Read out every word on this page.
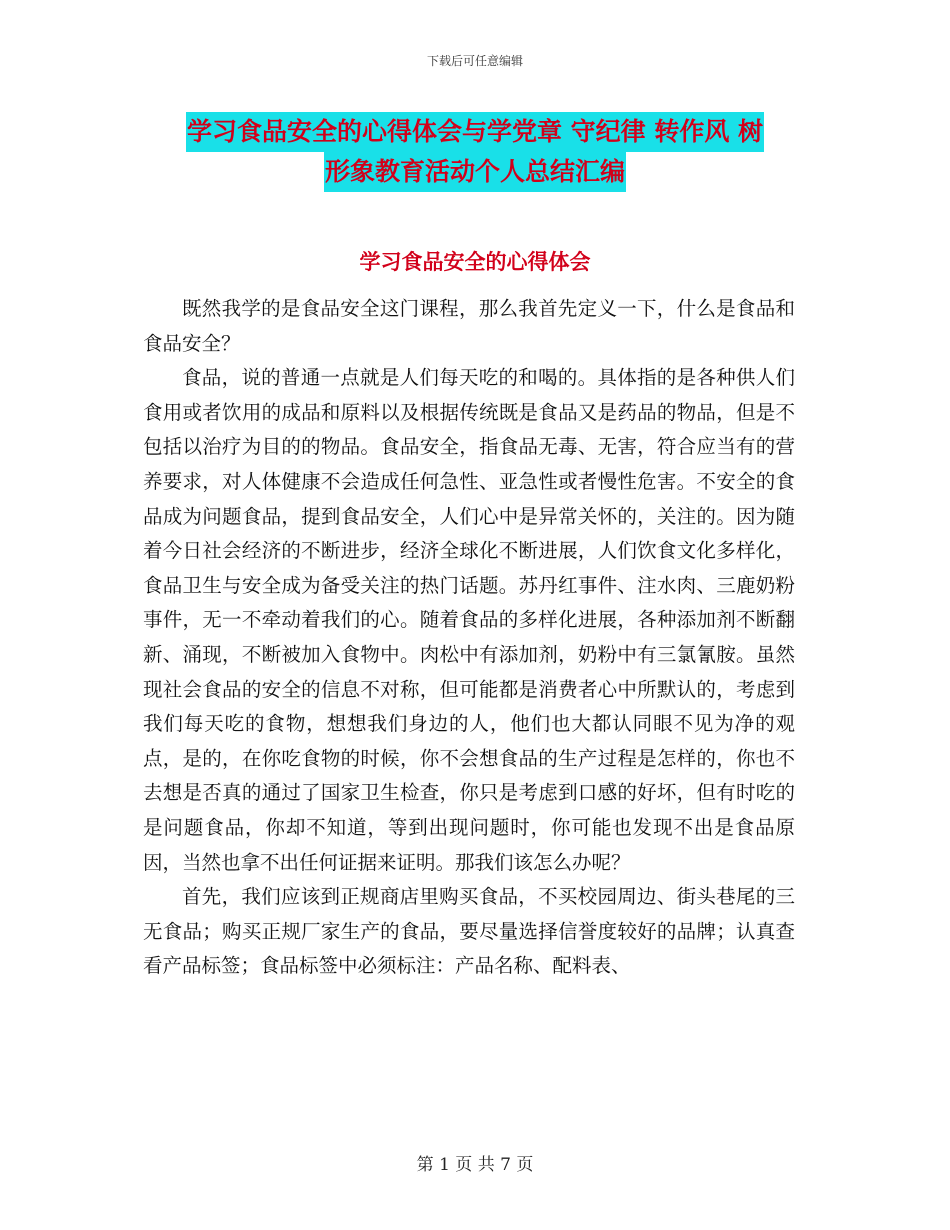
下载后可任意编辑
学习食品安全的心得体会与学党章 守纪律 转作风 树
形象教育活动个人总结汇编
学习食品安全的心得体会

既然我学的是食品安全这门课程，那么我首先定义一下，什么是食品和食品安全？

食品，说的普通一点就是人们每天吃的和喝的。具体指的是各种供人们食用或者饮用的成品和原料以及根据传统既是食品又是药品的物品，但是不包括以治疗为目的的物品。食品安全，指食品无毒、无害，符合应当有的营养要求，对人体健康不会造成任何急性、亚急性或者慢性危害。不安全的食品成为问题食品，提到食品安全，人们心中是异常关怀的，关注的。因为随着今日社会经济的不断进步，经济全球化不断进展，人们饮食文化多样化，食品卫生与安全成为备受关注的热门话题。苏丹红事件、注水肉、三鹿奶粉事件，无一不牵动着我们的心。随着食品的多样化进展，各种添加剂不断翻新、涌现，不断被加入食物中。肉松中有添加剂，奶粉中有三氯氰胺。虽然现社会食品的安全的信息不对称，但可能都是消费者心中所默认的，考虑到我们每天吃的食物，想想我们身边的人，他们也大都认同眼不见为净的观点，是的，在你吃食物的时候，你不会想食品的生产过程是怎样的，你也不去想是否真的通过了国家卫生检查，你只是考虑到口感的好坏，但有时吃的是问题食品，你却不知道，等到出现问题时，你可能也发现不出是食品原因，当然也拿不出任何证据来证明。那我们该怎么办呢？

首先，我们应该到正规商店里购买食品，不买校园周边、街头巷尾的三无食品；购买正规厂家生产的食品，要尽量选择信誉度较好的品牌；认真查看产品标签；食品标签中必须标注：产品名称、配料表、

第 1 页 共 7 页
